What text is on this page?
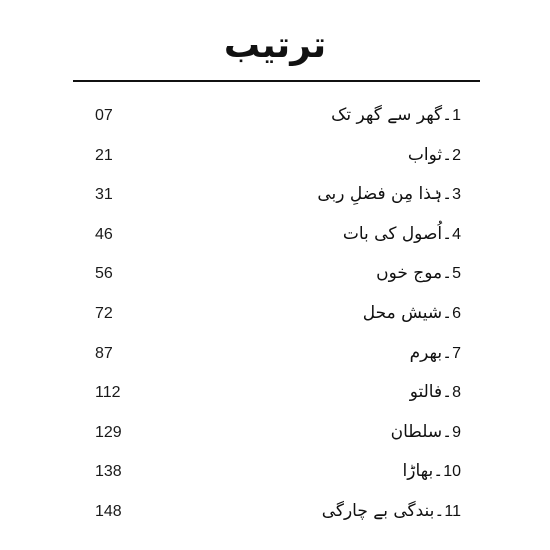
ترتیب
07	1۔گھر سے گھر تک
21	2۔ثواب
31	3۔ہٰذا مِن فضلِ ربی
46	4۔اُصول کی بات
56	5۔موج خوں
72	6۔شیش محل
87	7۔بھرم
112	8۔فالتو
129	9۔سلطان
138	10۔بھاڑا
148	11۔بندگی بے چارگی
